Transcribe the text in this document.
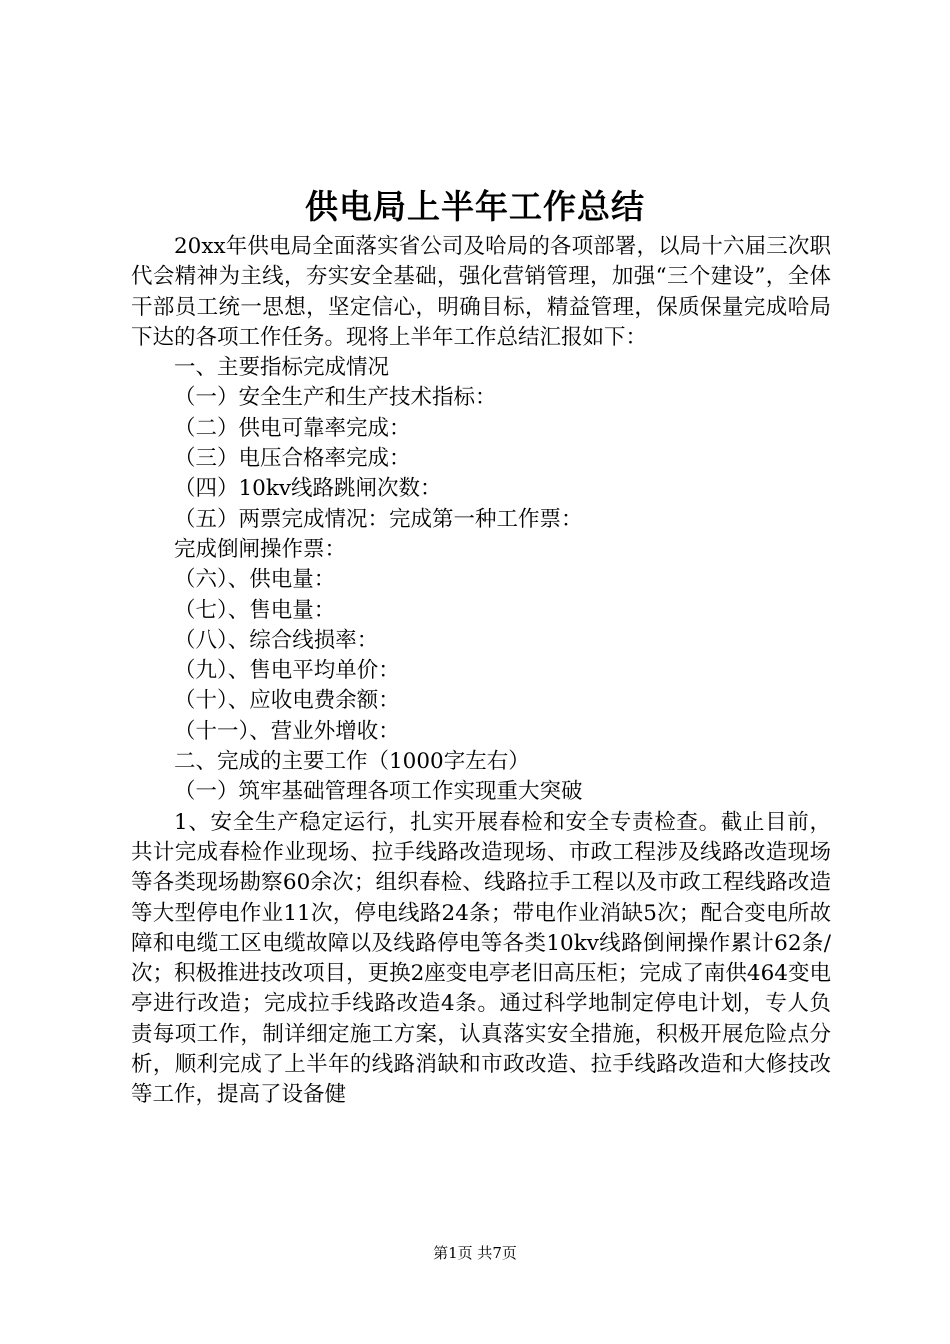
供电局上半年工作总结

20xx年供电局全面落实省公司及哈局的各项部署，以局十六届三次职代会精神为主线，夯实安全基础，强化营销管理，加强“三个建设”，全体干部员工统一思想，坚定信心，明确目标，精益管理，保质保量完成哈局下达的各项工作任务。现将上半年工作总结汇报如下：

一、主要指标完成情况

（一）安全生产和生产技术指标：

（二）供电可靠率完成：

（三）电压合格率完成：

（四）10kv线路跳闸次数：

（五）两票完成情况：完成第一种工作票：

完成倒闸操作票：

（六）、供电量：

（七）、售电量：

（八）、综合线损率：

（九）、售电平均单价：

（十）、应收电费余额：

（十一）、营业外增收：

二、完成的主要工作（1000字左右）

（一）筑牢基础管理各项工作实现重大突破

1、安全生产稳定运行，扎实开展春检和安全专责检查。截止目前，共计完成春检作业现场、拉手线路改造现场、市政工程涉及线路改造现场等各类现场勘察60余次；组织春检、线路拉手工程以及市政工程线路改造等大型停电作业11次，停电线路24条；带电作业消缺5次；配合变电所故障和电缆工区电缆故障以及线路停电等各类10kv线路倒闸操作累计62条/次；积极推进技改项目，更换2座变电亭老旧高压柜；完成了南供464变电亭进行改造；完成拉手线路改造4条。通过科学地制定停电计划，专人负责每项工作，制详细定施工方案，认真落实安全措施，积极开展危险点分析，顺利完成了上半年的线路消缺和市政改造、拉手线路改造和大修技改等工作，提高了设备健

第1页 共7页
